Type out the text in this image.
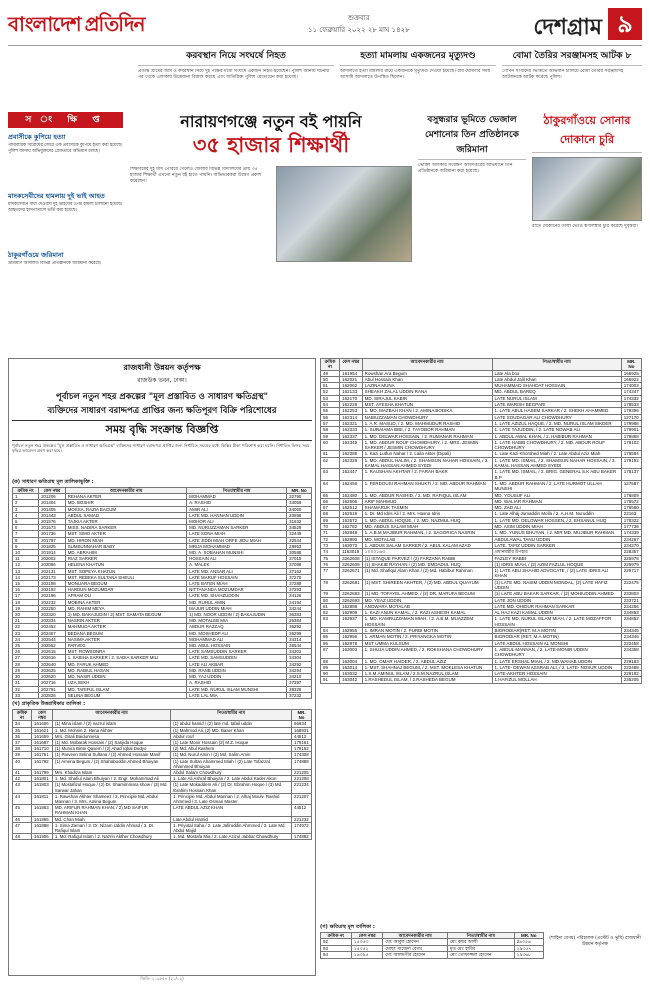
বাংলাদেশ প্রতিদিন	শুক্রবার
১১ ফেব্রুয়ারি ২০২২ ২৮ মাঘ ১৪২৮	দেশগ্রাম ৯
করবস্থান নিয়ে সংঘর্ষে নিহত
প্রত্যন্ত গ্রামের জমি ও কবরস্থান নিয়ে দুই পক্ষের মধ্যে সংঘর্ষে একজন নিহত হয়েছেন। পুলিশ জানায় ঘটনার পর থেকে এলাকায় উত্তেজনা বিরাজ করছে এবং অতিরিক্ত পুলিশ মোতায়েন করা হয়েছে।
হত্যা মামলায় একজনের মৃত্যুদণ্ড
আদালতে হত্যা মামলার রায়ে একজনকে মৃত্যুদণ্ড দেওয়া হয়েছে। রায় ঘোষণার সময় আসামি আদালতে উপস্থিত ছিলেন।
বোমা তৈরির সরঞ্জামসহ আটক ৮
গোপন সংবাদের ভিত্তিতে অভিযান চালিয়ে বোমা তৈরির সরঞ্জামসহ আটজনকে আটক করেছে পুলিশ।
স ং ক্ষি প্ত
প্রবাসীকে কুপিয়ে হত্যা

পারিবারিক বিরোধের জেরে এক প্রবাসীকে কুপিয়ে হত্যা করা হয়েছে। পুলিশ জানায় অভিযুক্তদের গ্রেফতারে অভিযান চলছে।

মাদকসেবীদের হামলায় দুই ভাই আহত

মাদকসেবনে বাধা দেওয়ায় দুই ভাইয়ের ওপর হামলা চালানো হয়েছে। আহতদের হাসপাতালে ভর্তি করা হয়েছে।

ঠাকুরগাঁওয়ে জরিমানা

ভ্রাম্যমাণ আদালত বিভিন্ন প্রতিষ্ঠানকে জরিমানা করেছে।

নারায়ণগঞ্জে নতুন বই পায়নি
৩৫ হাজার শিক্ষার্থী
শিক্ষাবর্ষের দুই মাস পেরিয়ে গেলেও জেলার বিভিন্ন বিদ্যালয়ের প্রায় ৩৫ হাজার শিক্ষার্থী এখনো নতুন বই হাতে পায়নি। অভিভাবকরা উদ্বেগ প্রকাশ করেছেন।
বসুন্ধরার ভূমিতে ভেজাল মেশানোর তিন প্রতিষ্ঠানকে জরিমানা
ভোক্তা অধিকার সংরক্ষণ অধিদপ্তরের অভিযানে তিন প্রতিষ্ঠানকে জরিমানা করা হয়েছে।
ঠাকুরগাঁওয়ে সোনার দোকানে চুরি
রাতে দোকানের তালা ভেঙে স্বর্ণালঙ্কার চুরি করেছে দুর্বৃত্তরা।
রাজধানী উন্নয়ন কর্তৃপক্ষ
রাজউক ভবন, ঢাকা।
পূর্বাচল নতুন শহর প্রকল্পের "মূল প্রস্তাবিত ও সাধারণ ক্ষতিগ্রস্থ"
ব্যক্তিদের সাধারণ বরাদ্দপত্র প্রাপ্তির জন্য ক্ষতিপূরণ বিক্রি পরিশোধের
সময় বৃদ্ধি সংক্রান্ত বিজ্ঞপ্তি
পূর্বাচল নতুন শহর প্রকল্পের "মূল প্রস্তাবিত ও সাধারণ ক্ষতিগ্রস্থ" ব্যক্তিদের সাধারণ বরাদ্দপত্র প্রাপ্তির জন্য নির্ধারিত সময়ের মধ্যে কিস্তির টাকা পরিশোধ করা হয়নি। নির্ধারিত ফিসহ সময় বৃদ্ধির আবেদন গ্রহণ করা হবে।
(ক) সাধারণ ক্ষতিগ্রস্থ মূল তালিকাভুক্তি :
ক্রমিক নং	কেস নম্বর	আবেদনকারীর নাম	পিতা/স্বামীর নাম	MR. No
1	201206	REHANA AKTER	MOHAMMAD	32790
2	201404	MD. BOSHIR	A. RASHID	34059
3	201405	MOSSA. RAZIA BAGUM	AMIR ALI	34060
4	201443	ABDUL SAMAD	LATE MD. HANNAN UDDIN	20898
5	201576	TAJKIA AKTER	MOHOR ALI	31632
6	201573	MISS. NADIRA SARKER	MD. NURUZZAMAN SARKER	34529
7	201736	MST. SIMO AKTER	LATE SONA MIAH	32449
8	201797	MD. HIRON MIAH	LATE JIDDI MIAH ORFE JIDU MIAH	32544
9	201825	SUMSUNNAHAR BABY	MRIJA MOHAMMAD	28953
10	201914	MD. ABRAHIM	MD. A. SOBAHAN MUNSHI	30588
11	202002	RIAZ SARKER	HOSSAIN ALI	37015
12	202096	HELENA KHATUN	A. MALEK	37098
13	202131	MST. SOPEYA KHATUN	LATE MD. ANSAR ALI	37162
14	202173	MST. REBEKA SULTANA SHEULI	LATE MARUF HOSSAIN	37270
15	202198	MONUARA BEGUM	LATE BATEN MIAH	37289
16	202192	HARDUN MOZUMDAR	NITTANANDA MOZUMDAR	37293
17	202196	AFRAM OLI	LATE MD. SHAHZUDDIN	34126
18	202232	MOBINA AKTER	MD. RUHUL AMIN	34194
19	202250	MD. RAHIM MEYA	MAJUR UDDIN MIAH	34244
20	202320	1) MD. BAKAJUDIN / 2) MST. SAMATA BEGUM	1) MD. NOOR UDDIN / 2) BAKAJUDIN	36383
21	202334	NASRIN AKTER	MD. MOTALEB MIA	36384
22	202452	MAHMUDA AKTER	ABDUR RAZZAQ	36292
23	202457	BEDANA BEGUM	MD. MOSHEDP ALI	36299
24	202544	NASIMA AKTER	MOHAMMAD ALI	34314
25	202552	PARVEG	MD. ABUL HOSSAIN	36544
26	202615	MST. ROWSONRA	LATE SAMSUDDIN SARKER	34302
27	202616	1. SABIHA SARKER / 2. SADIA SARKER MILI	LATE MD. SAMSUDDIN	34304
28	202640	MD. FARUK AHMED	LATE ALI AKBAR	34292
29	202625	MD. RABIUL HASAN	MD. RANB UDDIN	34294
30	202620	MD. NASIR UDDIN	MD. YAJ UDDIN	34210
31	202716	UZA SEKH	A. RASHID	37397
32	202791	MD. TARIFUL ISLAM	LATE MD. NURUL ISLAM MUNSHI	38328
33	202826	SELINA BEGUM	LATE LAL MIA	37232
(খ) প্রাকৃতিক উত্তরাধিকার তালিকা :
ক্রমিক নং	কেস নম্বর	আবেদনকারীর নাম	পিতা/স্বামীর নাম	MR. No
34	161606	(1) Mina islam / (2) nazrul islam	(1) abdul hamid / (2) late md. tafail uddin	66634
35	161621	1. Md. Mohsin 2. Hena Akhter	(1) Mahmod Ali, (2) MD. Baser Khan	168931
36	161659	Mrs. Gitali Baidunnesa	Abdur rouf	44513
37	161687	(1) Md. Mobarak Hossain / (2) Sanjida Hoque	(1) Late Monir Hossain (2) M.Z. Hoque	179161
38	161710	(1) Munira Binte Qasem / (2) Ahad Iqbal Dudyo	(2) Md. Abul Kashem	179162
39	161761	(1) Parveen Selina Sultana / (2) Ahmed Hossain Manif	(1) Md. Nurul Amin / (2) Md. Salim Amin	174308
40	161782	(1) Amena Begum / (2) Shahabuddin Ahmed Bhuiyan	(1) Late Sultan Ahammed Miah / (2) Late Tofazzal Ahammed Bhuiyan	174888
41	161799	Mrs. Khadiza Islam	Abdul Salam Chowdhury	221205
42	161801	1. Md. Shafiul Alam Bhuiyan / 2. Engr. Mohammad Ali	1. Late Ali Ashraf Bhuiyan / 2. Late Abdul Kader Akon	221208
43	161803	(1) Mostafizul Hoque / (2) Dr. Shamimmara show / (3) Md. Sarwar Jahan	(1) Late Mokaddem Ali / (2) Dr. Ebrahim Hoque / (3) Md. Ibrahim Hossain Khan	221234
44	161811	1. Rawshan Akhter Shameez / 2. Principle Md. Abdul Mannan / 3. Mrs. Amina Begum	1. Principle Md. Abdul Mannan / 2. Alhaj Moulv. Rashid Ahmmed / 3. Late Osman Master	221207
45	161863	MD. ARIFUR RAHMAN KHAN, / 2) MD SAIFUR RAHMAN KHAN	LATE ABDUL AZIZ KHAN	44512
46	161865	Md. Chan Miah	Late Abdul Hamid	221232
47	161888	1. Sima Zaman / 2. Dr. Nizam Uddin Ahmad / 3. Dr. Rafiqul Islam	1. Priyotal Saha / 2. Late Jafiruddin Ahmmed / 3. Late Md. Abdul Majid	174972
48	161906	1. Md. Rafiqul Islam / 2. Nazrin Akther Chowdhury	1. Md. Mostafa Mia / 2. Late Azizul Jabbar Chowdhury	174882
ক্রমিক নং	কেস নম্বর	আবেদনকারীর নাম	পিতা/স্বামীর নাম	MR. No
49	161954	Rowshan Ara Begum	Late Ala box	166925
50	162021	Abul Hossain Khan	Late Abdul Jalil Khan	166922
51	162062	LAZINA MUNA	MUHAMMAD SHAHDAT HOSSAIN	174003
52	162133	SHEAKH ZALAL UDDIN RANA	MD. ABDUL BAREQ	174347
53	162170	MD. SIRAJUL KABIR	LATE NURUL ISLAM	174332
54	162228	MST. AYESHA KHATUN	LATE WARISH BEGPARI	178533
55	162253	1. MD. MAZBAH KHAN / 2. AMINA BODIKA	1. LATE ABUL HASEM SARKAR / 2. SHEKH AHAMMED	179396
56	162314	NABIUZZAMAN CHOWDHURY	LATE SOUDAGAR ALI CHOWDHURY	127170
57	162321	1. A.R. MASUD, / 2. MD. MAHMUDUR RASHID	1. LATE AZIZUL HAQUE, / 2. MD. NURUL ISLAM SIKDER	179988
58	162333	1. SURAIAMA BIBI, / 2. TAYOBOR RAHMAN	1. LATE TAJUDDIN, / 2. LATE NOWAB ALI	179901
59	162337	1. MD. DELWAR HOSSAIN, / 2. RUMANAR RAHMAN	1. ABDUL AWAL KHAN, / 2. HABIBUR RAHMAN	179868
60	162349	1. MD. ABDUR ROUF CHOWDHURY, / 2. MRS. JESMIN SARKER / JESMIN CHOWDHURY	1. LATE HABIB CHOWDHURY, / 2. MD. ABDUR ROUF CHOWDHURY	178102
61	162386	1. Kazi Lutfun Nahar / 2. Laila Akter (Dipali)	1. Late Kazi Khorshed Miah / 2. Late Abdul Aziz Miah	176584
62	162329	1. MD. ABDUL HALIM, / 2. SHAMSUN NAHAR HOSSAIN, / 3. KAMAL HASSAN AHMED SYEDI	1. LATE MD. ISMAIL, / 2. SHAMSUN NAHAR HOSSAIN, / 3. KAMAL HASSAN AHMED SYEDI	179192
63	162447	1. RAUSHAN AKHTAR / 2. FARAH BAKR	1. LATE MD. ISMAIL, / 2. BRIG. GENERAL S.K ABU BAKER B.P	178137
64	162456	1. FERDOUSI RAHMAN SHUKTI / 2. MD. ABDUR RAHMAN	1. MD. ABDUR RAHMAN / 2. LATE HURMOT ULLAH MUNSHI	127587
65	162480	1. MD. ABDUR RASHID, / 2. MD. RAFIQUL ISLAM	MD. YOUSUF ALI	176809
66	162505	ARIF MAHMUD	MD. WALIAR RAHMAN	176572
67	162512	SHAMARUK TASMIN	MD. ZAD ALI	176580
68	162519	1. Dr. Md Idris Ali / 2. Mrs. Hasna Idris	1. Late Alhaj Jumaddin Molla / 2. A.H.M. Nuruddin	22163
69	162572	1. MD. ABDUL HOQUE, / 2. MD. NAZMUL HUQ	1. LATE MD. DELOWAR HOSSEN, / 2. EHSANUL HUQ	178322
70	162782	MD. ABDUS SALAM MIAH	MD. ASIM UDDIN MIAH	177736
71	162848	1. A.B.M MAJIBUR RAHMAN, / 2. SAGORICA NASRIN	1. MD. YUNUS BHUYAN, / 2. MIR MD. MUJIBUR RAHMAN	174339
72	162890	MD. MOTALAB	ABDULAWAL TANU UDDIN	234267
73	163073	1. ABDUS SALAM SARKER / 2. ABUL KALAM AZAD	LATE. TAFIZ UDDIN SARKER	234270
74	1163019	১০০০১৬৩	প্রধানমন্ত্রীর উপহার	228357
75	3262608	(1) ISTAQUE PARVEZ / (2) FARZANA RABBI	FAZLEY RABBI	225978
76	3262609	(1) SHAKIB RAYHAN / (2) MD. EMDADUL HUQ	(1) IDRIS MIAH, / (2) AZIM FAZLUL HOQUE	225979
77	3262671	(1) Md. Shafiqul Alam Khan / (2) Md. Habibur Rahman	1) LATE ABU SHAHID ADVOCATE, / (2) LATE IDRIS ALI KHAN	225717
78	3262681	(1) MST. SHIREEN AKHTER, / (2) MD. ABDUL QUAYUM	(1) LATE MD. NASIM UDDIN MONDAL, (2) LATE HAFIZ UDDIN	222475
79	3262683	(1) MD. TOFAYEL AHMED, / (2) DR. MARUFA BEGUM	(1) LATE ABU BAKAR SARKAR, / (2) MOHIUDDIN AHMED	233803
80	3262693	MD. YEAZ UDDIN	LATE JON UDDIN	233721
81	162898	ANOWARA MOTALAB	LATE MD. OHIDUR RAHMAN SARKAR	234266
82	162909	1. KAZI ANUN KAMAL, / 2. KAZI ASHESH KAMAL	AL HAJ KAZI KAMAL UDDIN	234853
83	162937	1. MD. KAMRUZZAMAN MIAH, / 2. A.B.M. MUAZZEM HOSSAIN	1. LATE MD. NURUL ISLAM MIAH, / 2. LATE MOZAFFOR HOSSAIN	234852
84	162955	1. IMRAN MOTIN / 2. PURBI MOTIN	BIGRODIAR(RET. M.A MOTIN	234345
85	162956	1. ARMAN MOTIN / 2. PRIYANGKA MOTIN	BIGRODIAR (RET. M.A.MOTIN)	234346
86	162978	MST UMMA KULSUM	LATE ABDUL HOSSAIN AL MONSHI	222458
87	163003	1. SHUJA UDDIN AHMED, / 2. ROKSHANA CHOWDHURY	1. ABDUL MANNAN, / 2. LATE-MONIR UDDIN CHOWDHURY	234358
88	163004	1. MD. OMAR HAIDER, / 2. ABDUL AZIZ	1. LATE ERSHAL MIAH, / 2. MD.WAHAB UDDIN	229183
89	163014	1. MST. SHAHNAJ BEGUM, / 2. MST. MOKLESA KHATUN	1. LATE- DEWAN ASSRAB ALI, / 2. LATE- NOSUR UDDIN	222488
90	163032	1.S.M.AMINUL ISLAM / 2.S.M.NAZRUL ISLAM	LATE-AKHTER HOSSAIN	229182
91	163042	1.RASHEDUL ISLAM, / 2.RASHEDA BEGUM	1.HAFIZUL MOLLAH	235205
(গ) ক্ষতিগ্রস্থ মূল তালিকা :
ক্রমিক নং	কেস নম্বর	আবেদনকারীর নাম	পিতা/স্বামীর নাম	MR. No
92	১৫০৫৩	মো: আবুল হোসেন	মো: কছর আলী	2৯৩৫৬
93	১৫০৫২	মোছা: মাজেদা বেগম	মৃত মো: হাবিব	২৯৩৫৭
94	১৬০৯৫	মো: আলমগীর হোসেন	মো: তোফাজ্জল হোসেন	২৯৩৬৮
(শাহিদা বেগম) পরিচালক (এস্টেট ও ভূমি) রাজধানী উন্নয়ন কর্তৃপক্ষ
জিডি- ২০৯৮৫৪ (২১/০২)
